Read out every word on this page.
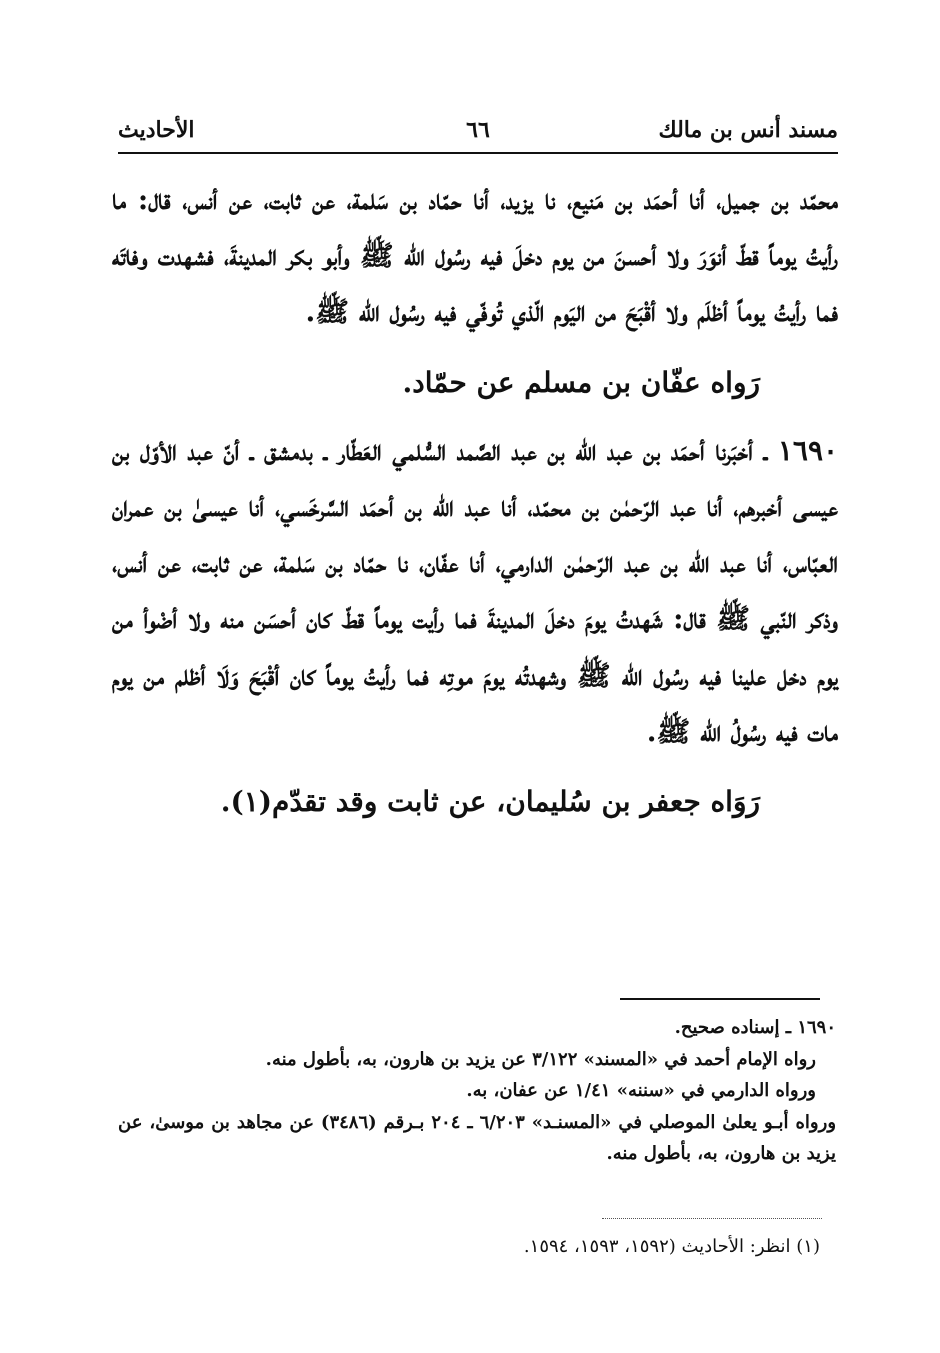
مسند أنس بن مالك
٦٦
الأحاديث

محمّد بن جميل، أنا أحمَد بن مَنيع، نا يزيد، أنا حمّاد بن سَلمة، عن ثابت، عن أنس، قال: ما رأيتُ يوماً قطّ أنوَرَ ولا أحسنَ من يوم دخلَ فيه رسُول الله ﷺ وأبو بكر المدينةَ، فشهدت وفاتَه فما رأيتُ يوماً أظلَم ولا أقْبَحَ من اليَوم الّذي تُوفّي فيه رسُول الله ﷺ.

رَواه عفّان بن مسلم عن حمّاد.

١٦٩٠ ـ أخبَرنا أحمَد بن عبد الله بن عبد الصَّمد السُّلمي العَطّار ـ بدمشق ـ أنّ عبد الأوّل بن عيسى أخبرهم، أنا عبد الرّحمٰن بن محمّد، أنا عبد الله بن أحمَد السَّرخَسي، أنا عيسىٰ بن عمران العبّاس، أنا عبد الله بن عبد الرّحمٰن الدارمي، أنا عفّان، نا حمّاد بن سَلمة، عن ثابت، عن أنس، وذكر النّبي ﷺ قال: شَهدتُ يومَ دخلَ المدينةَ فما رأيت يوماً قطّ كان أحسَن منه ولا أضْوأ من يوم دخل علينا فيه رسُول الله ﷺ وشهدتُه يومَ موتِه فما رأيتُ يوماً كان أقْبَحَ وَلَا أظلم من يوم مات فيه رسُولُ الله ﷺ.

رَوَاه جعفر بن سُليمان، عن ثابت وقد تقدّم(١).

١٦٩٠ ـ إسناده صحيح.

رواه الإمام أحمد في «المسند» ٣/١٢٢ عن يزيد بن هارون، به، بأطول منه.

ورواه الدارمي في «سننه» ١/٤١ عن عفان، به.

ورواه أبـو يعلىٰ الموصلي في «المسنـد» ٦/٢٠٣ ـ ٢٠٤ بـرقم (٣٤٨٦) عن مجاهد بن موسىٰ، عن يزيد بن هارون، به، بأطول منه.

(١) انظر: الأحاديث (١٥٩٢، ١٥٩٣، ١٥٩٤.
